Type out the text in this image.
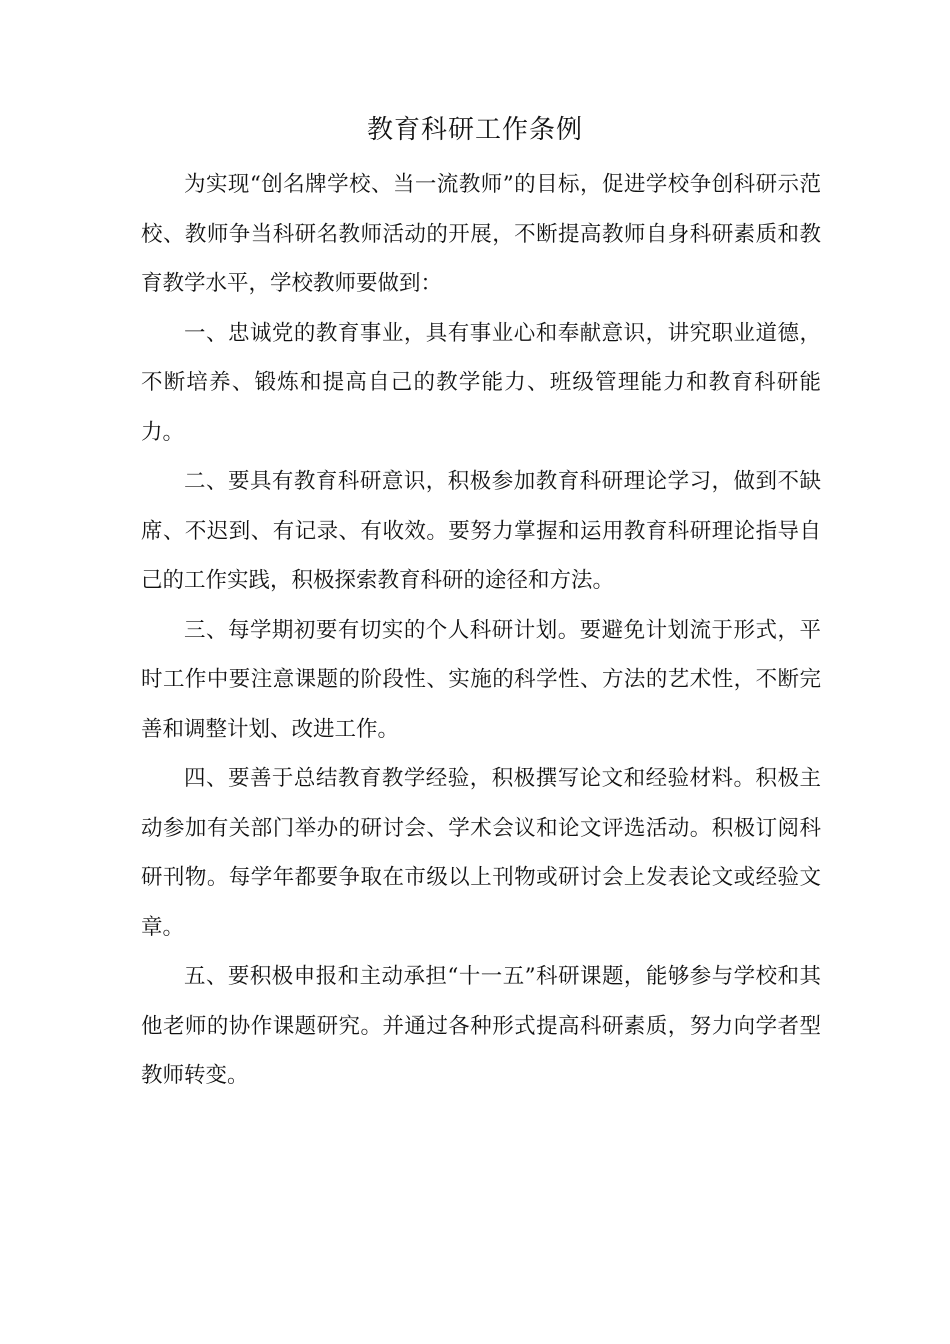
教育科研工作条例

为实现“创名牌学校、当一流教师”的目标，促进学校争创科研示范校、教师争当科研名教师活动的开展，不断提高教师自身科研素质和教育教学水平，学校教师要做到：

一、忠诚党的教育事业，具有事业心和奉献意识，讲究职业道德，不断培养、锻炼和提高自己的教学能力、班级管理能力和教育科研能力。

二、要具有教育科研意识，积极参加教育科研理论学习，做到不缺席、不迟到、有记录、有收效。要努力掌握和运用教育科研理论指导自己的工作实践，积极探索教育科研的途径和方法。

三、每学期初要有切实的个人科研计划。要避免计划流于形式，平时工作中要注意课题的阶段性、实施的科学性、方法的艺术性，不断完善和调整计划、改进工作。

四、要善于总结教育教学经验，积极撰写论文和经验材料。积极主动参加有关部门举办的研讨会、学术会议和论文评选活动。积极订阅科研刊物。每学年都要争取在市级以上刊物或研讨会上发表论文或经验文章。

五、要积极申报和主动承担“十一五”科研课题，能够参与学校和其他老师的协作课题研究。并通过各种形式提高科研素质，努力向学者型教师转变。
